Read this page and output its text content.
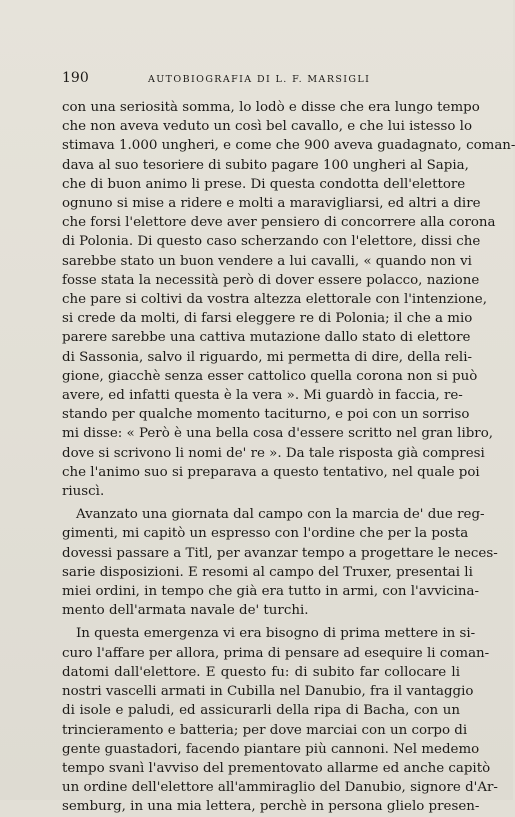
190	AUTOBIOGRAFIA DI L. F. MARSIGLI
con una seriosità somma, lo lodò e disse che era lungo tempo
che non aveva veduto un così bel cavallo, e che lui istesso lo
stimava 1.000 ungheri, e come che 900 aveva guadagnato, coman-
dava al suo tesoriere di subito pagare 100 ungheri al Sapia,
che di buon animo li prese. Di questa condotta dell'elettore
ognuno si mise a ridere e molti a maravigliarsi, ed altri a dire
che forsi l'elettore deve aver pensiero di concorrere alla corona
di Polonia. Di questo caso scherzando con l'elettore, dissi che
sarebbe stato un buon vendere a lui cavalli, « quando non vi
fosse stata la necessità però di dover essere polacco, nazione
che pare si coltivi da vostra altezza elettorale con l'intenzione,
si crede da molti, di farsi eleggere re di Polonia; il che a mio
parere sarebbe una cattiva mutazione dallo stato di elettore
di Sassonia, salvo il riguardo, mi permetta di dire, della reli-
gione, giacchè senza esser cattolico quella corona non si può
avere, ed infatti questa è la vera ». Mi guardò in faccia, re-
stando per qualche momento taciturno, e poi con un sorriso
mi disse: « Però è una bella cosa d'essere scritto nel gran libro,
dove si scrivono li nomi de' re ». Da tale risposta già compresi
che l'animo suo si preparava a questo tentativo, nel quale poi
riuscì.
Avanzato una giornata dal campo con la marcia de' due reg-
gimenti, mi capitò un espresso con l'ordine che per la posta
dovessi passare a Titl, per avanzar tempo a progettare le neces-
sarie disposizioni. E resomi al campo del Truxer, presentai li
miei ordini, in tempo che già era tutto in armi, con l'avvicina-
mento dell'armata navale de' turchi.
In questa emergenza vi era bisogno di prima mettere in si-
curo l'affare per allora, prima di pensare ad esequire li coman-
datomi dall'elettore. E questo fu: di subito far collocare li
nostri vascelli armati in Cubilla nel Danubio, fra il vantaggio
di isole e paludi, ed assicurarli della ripa di Bacha, con un
trincieramento e batteria; per dove marciai con un corpo di
gente guastadori, facendo piantare più cannoni. Nel medemo
tempo svanì l'avviso del prementovato allarme ed anche capitò
un ordine dell'elettore all'ammiraglio del Danubio, signore d'Ar-
semburg, in una mia lettera, perchè in persona glielo presen-
